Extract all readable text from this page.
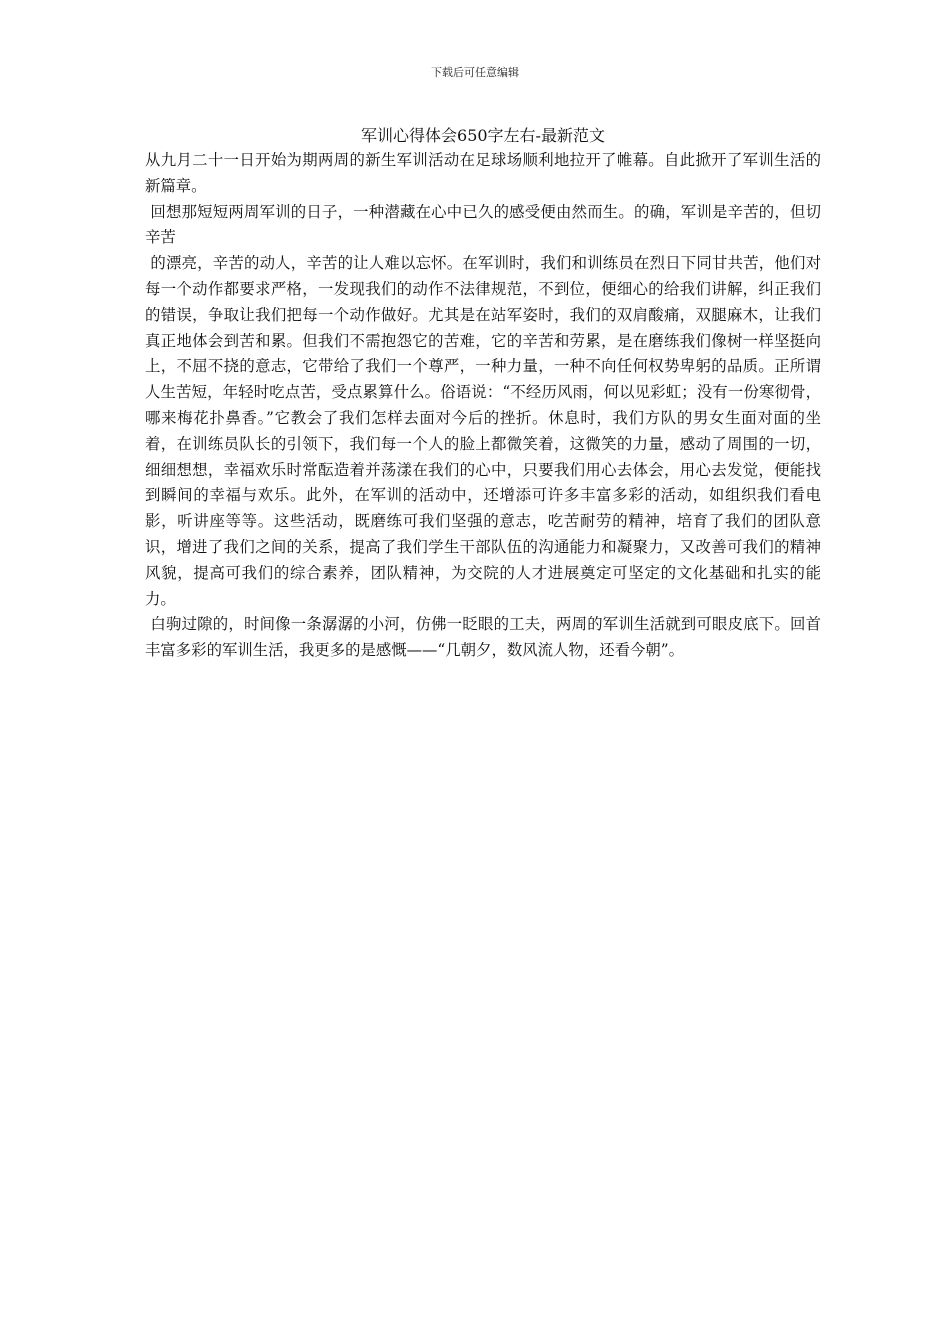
下载后可任意编辑
军训心得体会650字左右-最新范文

从九月二十一日开始为期两周的新生军训活动在足球场顺利地拉开了帷幕。自此掀开了军训生活的新篇章。

回想那短短两周军训的日子，一种潜藏在心中已久的感受便由然而生。的确，军训是辛苦的，但切辛苦

的漂亮，辛苦的动人，辛苦的让人难以忘怀。在军训时，我们和训练员在烈日下同甘共苦，他们对每一个动作都要求严格，一发现我们的动作不法律规范，不到位，便细心的给我们讲解，纠正我们的错误，争取让我们把每一个动作做好。尤其是在站军姿时，我们的双肩酸痛，双腿麻木，让我们真正地体会到苦和累。但我们不需抱怨它的苦难，它的辛苦和劳累，是在磨练我们像树一样坚挺向上，不屈不挠的意志，它带给了我们一个尊严，一种力量，一种不向任何权势卑躬的品质。正所谓人生苦短，年轻时吃点苦，受点累算什么。俗语说：“不经历风雨，何以见彩虹；没有一份寒彻骨，哪来梅花扑鼻香。”它教会了我们怎样去面对今后的挫折。休息时，我们方队的男女生面对面的坐着，在训练员队长的引领下，我们每一个人的脸上都微笑着，这微笑的力量，感动了周围的一切，细细想想，幸福欢乐时常酝造着并荡漾在我们的心中，只要我们用心去体会，用心去发觉，便能找到瞬间的幸福与欢乐。此外，在军训的活动中，还增添可许多丰富多彩的活动，如组织我们看电影，听讲座等等。这些活动，既磨练可我们坚强的意志，吃苦耐劳的精神，培育了我们的团队意识，增进了我们之间的关系，提高了我们学生干部队伍的沟通能力和凝聚力，又改善可我们的精神风貌，提高可我们的综合素养，团队精神，为交院的人才进展奠定可坚定的文化基础和扎实的能力。

白驹过隙的，时间像一条潺潺的小河，仿佛一眨眼的工夫，两周的军训生活就到可眼皮底下。回首丰富多彩的军训生活，我更多的是感慨——“几朝夕，数风流人物，还看今朝”。
